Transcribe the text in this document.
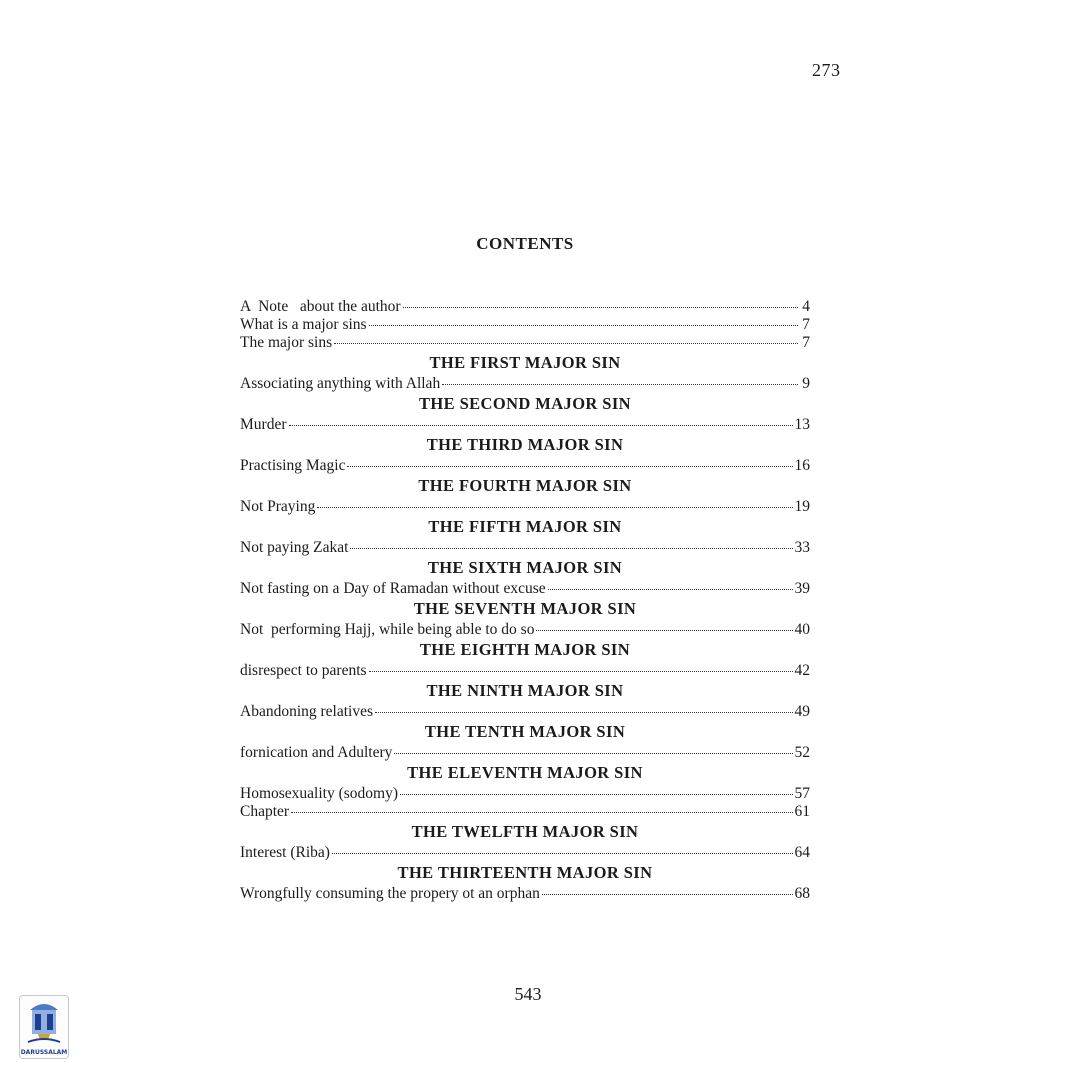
273
CONTENTS
A  Note   about the author	4
What is a major sins	7
The major sins	7
THE FIRST MAJOR SIN
Associating anything with Allah	9
THE SECOND MAJOR SIN
Murder	13
THE THIRD MAJOR SIN
Practising Magic	16
THE FOURTH MAJOR SIN
Not Praying	19
THE FIFTH MAJOR SIN
Not paying Zakat	33
THE SIXTH MAJOR SIN
Not fasting on a Day of Ramadan without excuse	39
THE SEVENTH MAJOR SIN
Not  performing Hajj, while being able to do so	40
THE EIGHTH MAJOR SIN
disrespect to parents	42
THE NINTH MAJOR SIN
Abandoning relatives	49
THE TENTH MAJOR SIN
fornication and Adultery	52
THE ELEVENTH MAJOR SIN
Homosexuality (sodomy)	57
Chapter	61
THE TWELFTH MAJOR SIN
Interest (Riba)	64
THE THIRTEENTH MAJOR SIN
Wrongfully consuming the propery ot an orphan	68
543
DARUSSALAM
